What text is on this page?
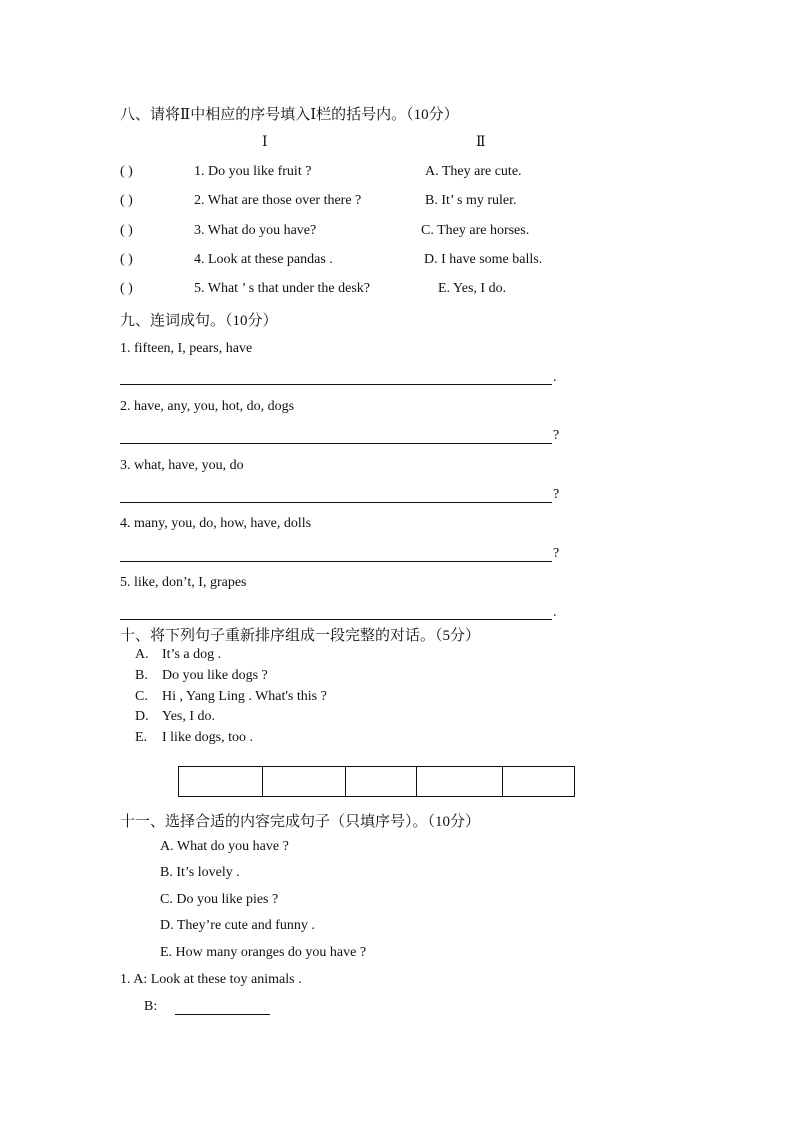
八、请将Ⅱ中相应的序号填入Ⅰ栏的括号内。（10分）
Ⅰ	Ⅱ
( )	1. Do you like fruit ?	A. They are cute.
( )	2. What are those over there ?	B. It’ s my ruler.
( )	3. What do you have?	C. They are horses.
( )	4. Look at these pandas .	D. I have some balls.
( )	5. What ’ s that under the desk?	E. Yes, I do.
九、连词成句。（10分）
1. fifteen, I, pears, have
.
2. have, any, you, hot, do, dogs
?
3. what, have, you, do
?
4. many, you, do, how, have, dolls
?
5. like, don’t, I, grapes
.
十、将下列句子重新排序组成一段完整的对话。（5分）
A. It’s a dog .
B. Do you like dogs ?
C. Hi , Yang Ling . What's this ?
D. Yes, I do.
E. I like dogs, too .

十一、选择合适的内容完成句子（只填序号）。（10分）
A. What do you have ?
B. It’s lovely .
C. Do you like pies ?
D. They’re cute and funny .
E. How many oranges do you have ?
1. A: Look at these toy animals .
B:
